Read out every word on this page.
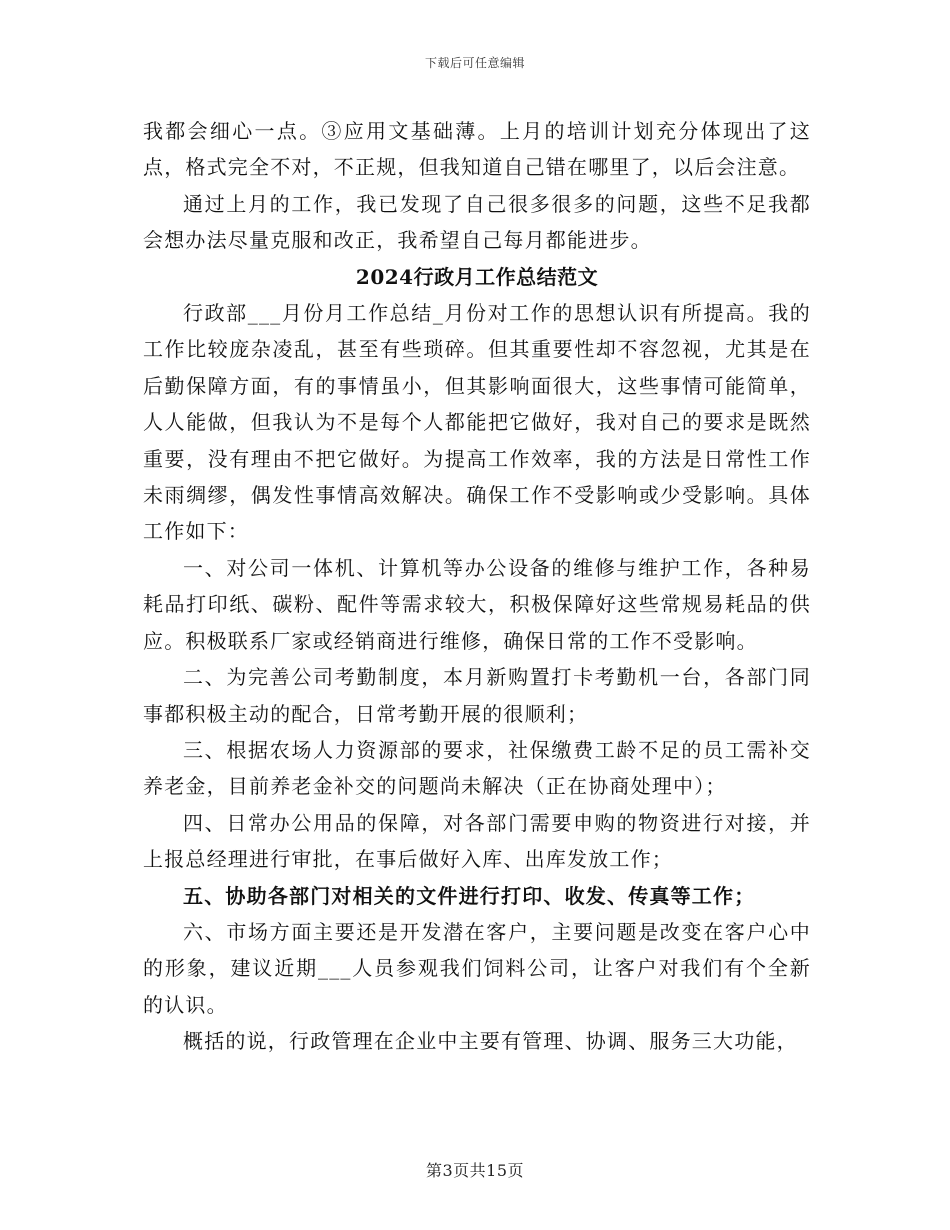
下载后可任意编辑

我都会细心一点。③应用文基础薄。上月的培训计划充分体现出了这点，格式完全不对，不正规，但我知道自己错在哪里了，以后会注意。

通过上月的工作，我已发现了自己很多很多的问题，这些不足我都会想办法尽量克服和改正，我希望自己每月都能进步。

2024行政月工作总结范文

行政部___月份月工作总结_月份对工作的思想认识有所提高。我的工作比较庞杂凌乱，甚至有些琐碎。但其重要性却不容忽视，尤其是在后勤保障方面，有的事情虽小，但其影响面很大，这些事情可能简单，人人能做，但我认为不是每个人都能把它做好，我对自己的要求是既然重要，没有理由不把它做好。为提高工作效率，我的方法是日常性工作未雨绸缪，偶发性事情高效解决。确保工作不受影响或少受影响。具体工作如下：

一、对公司一体机、计算机等办公设备的维修与维护工作，各种易耗品打印纸、碳粉、配件等需求较大，积极保障好这些常规易耗品的供应。积极联系厂家或经销商进行维修，确保日常的工作不受影响。

二、为完善公司考勤制度，本月新购置打卡考勤机一台，各部门同事都积极主动的配合，日常考勤开展的很顺利；

三、根据农场人力资源部的要求，社保缴费工龄不足的员工需补交养老金，目前养老金补交的问题尚未解决（正在协商处理中）；

四、日常办公用品的保障，对各部门需要申购的物资进行对接，并上报总经理进行审批，在事后做好入库、出库发放工作；

五、协助各部门对相关的文件进行打印、收发、传真等工作；

六、市场方面主要还是开发潜在客户，主要问题是改变在客户心中的形象，建议近期___人员参观我们饲料公司，让客户对我们有个全新的认识。

概括的说，行政管理在企业中主要有管理、协调、服务三大功能，

第3页共15页
